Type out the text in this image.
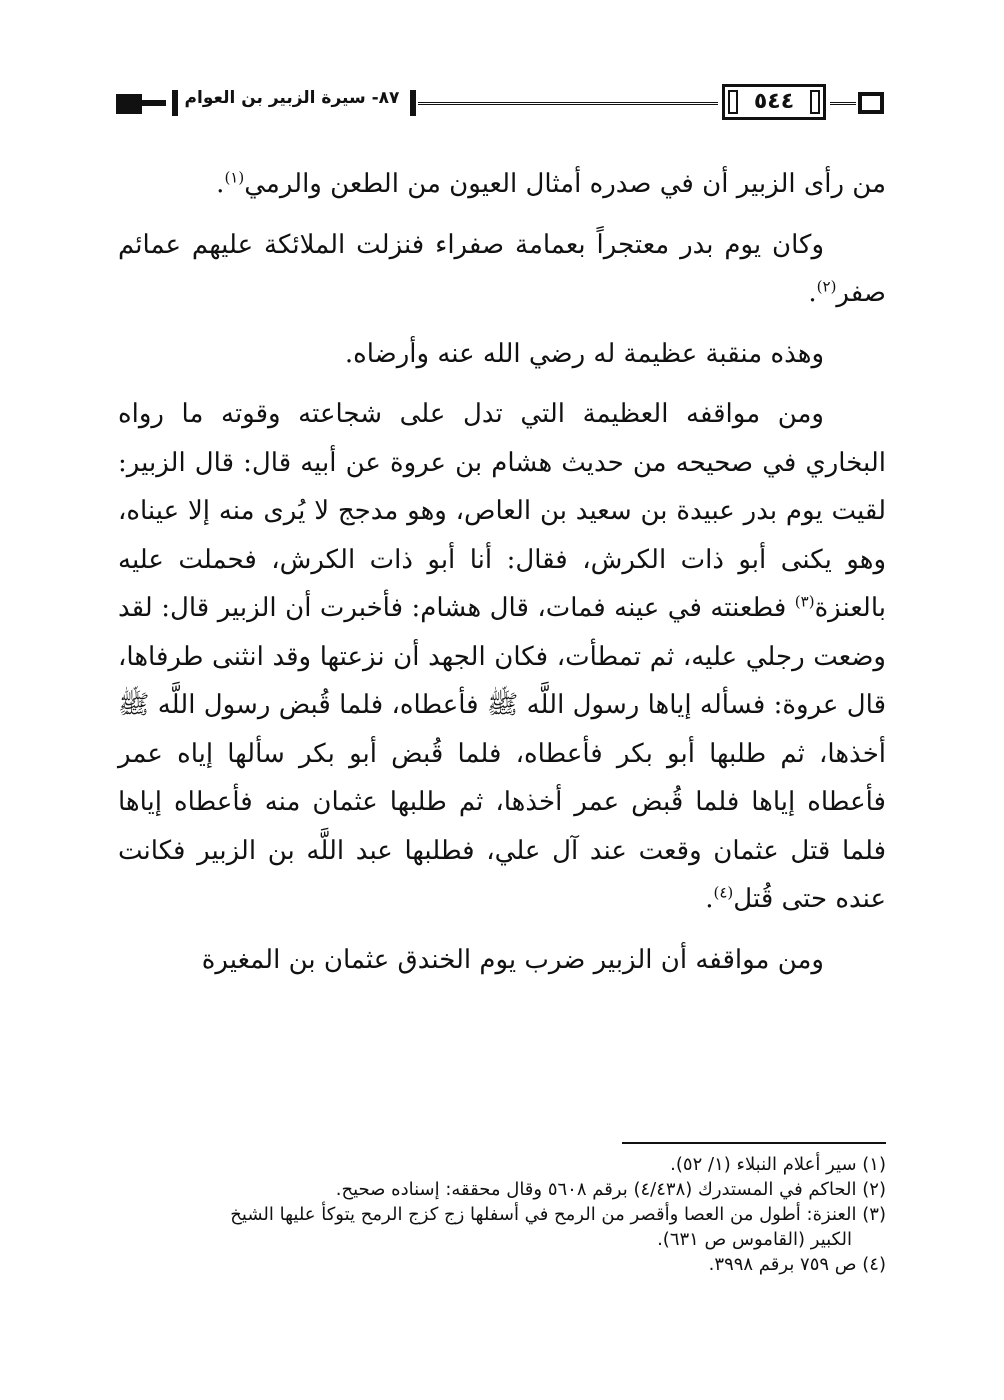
٨٧- سيرة الزبير بن العوام	٥٤٤

من رأى الزبير أن في صدره أمثال العيون من الطعن والرمي$^{(١)}$.

وكان يوم بدر معتجراً بعمامة صفراء فنزلت الملائكة عليهم عمائم صفر$^{(٢)}$.

وهذه منقبة عظيمة له رضي الله عنه وأرضاه.

ومن مواقفه العظيمة التي تدل على شجاعته وقوته ما رواه البخاري في صحيحه من حديث هشام بن عروة عن أبيه قال: قال الزبير: لقيت يوم بدر عبيدة بن سعيد بن العاص، وهو مدجج لا يُرى منه إلا عيناه، وهو يكنى أبو ذات الكرش، فقال: أنا أبو ذات الكرش، فحملت عليه بالعنزة$^{(٣)}$ فطعنته في عينه فمات، قال هشام: فأخبرت أن الزبير قال: لقد وضعت رجلي عليه، ثم تمطأت، فكان الجهد أن نزعتها وقد انثنى طرفاها، قال عروة: فسأله إياها رسول اللَّه ﷺ فأعطاه، فلما قُبض رسول اللَّه ﷺ أخذها، ثم طلبها أبو بكر فأعطاه، فلما قُبض أبو بكر سألها إياه عمر فأعطاه إياها فلما قُبض عمر أخذها، ثم طلبها عثمان منه فأعطاه إياها فلما قتل عثمان وقعت عند آل علي، فطلبها عبد اللَّه بن الزبير فكانت عنده حتى قُتل$^{(٤)}$.

ومن مواقفه أن الزبير ضرب يوم الخندق عثمان بن المغيرة

(١) سير أعلام النبلاء (١/ ٥٢).

(٢) الحاكم في المستدرك (٤/٤٣٨) برقم ٥٦٠٨ وقال محققه: إسناده صحيح.

(٣) العنزة: أطول من العصا وأقصر من الرمح في أسفلها زج كزج الرمح يتوكأ عليها الشيخ

الكبير (القاموس ص ٦٣١).

(٤) ص ٧٥٩ برقم ٣٩٩٨.
